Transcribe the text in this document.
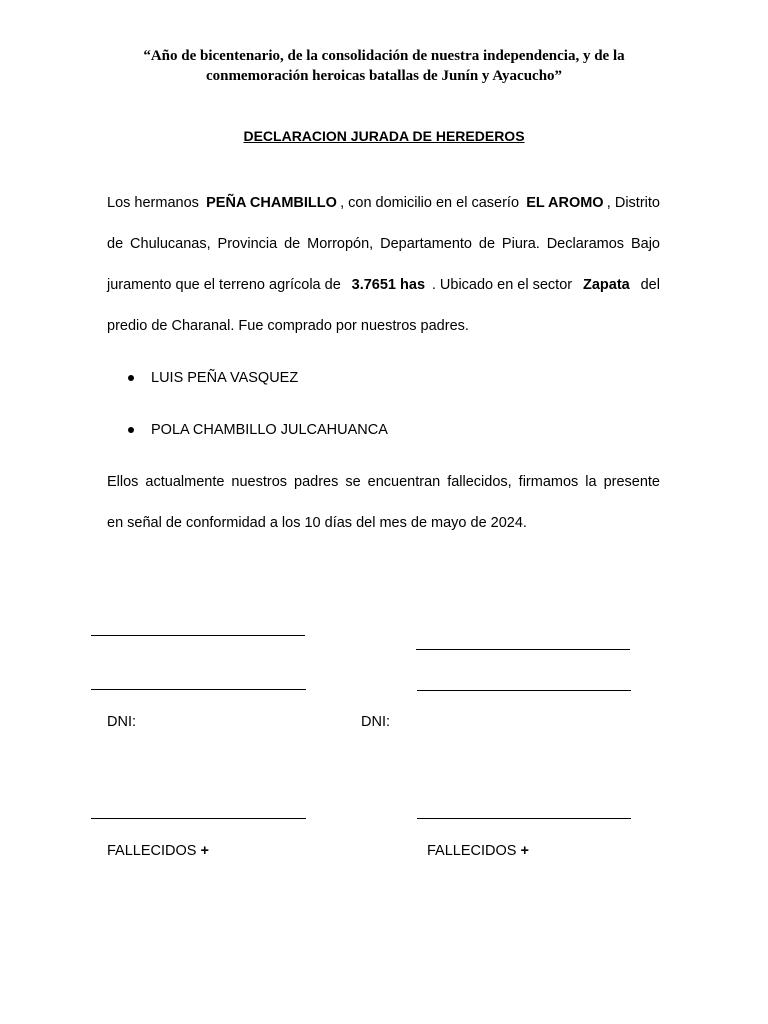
“Año de bicentenario, de la consolidación de nuestra independencia, y de la
conmemoración heroicas batallas de Junín y Ayacucho”
DECLARACION JURADA DE HEREDEROS
Los hermanos PEÑA CHAMBILLO , con domicilio en el caserío EL AROMO , Distrito
de Chulucanas, Provincia de Morropón, Departamento de Piura. Declaramos Bajo
juramento que el terreno agrícola de 3.7651 has . Ubicado en el sector Zapata del
predio de Charanal. Fue comprado por nuestros padres.
LUIS PEÑA VASQUEZ
POLA CHAMBILLO JULCAHUANCA
Ellos actualmente nuestros padres se encuentran fallecidos, firmamos la presente
en señal de conformidad a los 10 días del mes de mayo de 2024.
DNI:	DNI:
FALLECIDOS +	FALLECIDOS +
